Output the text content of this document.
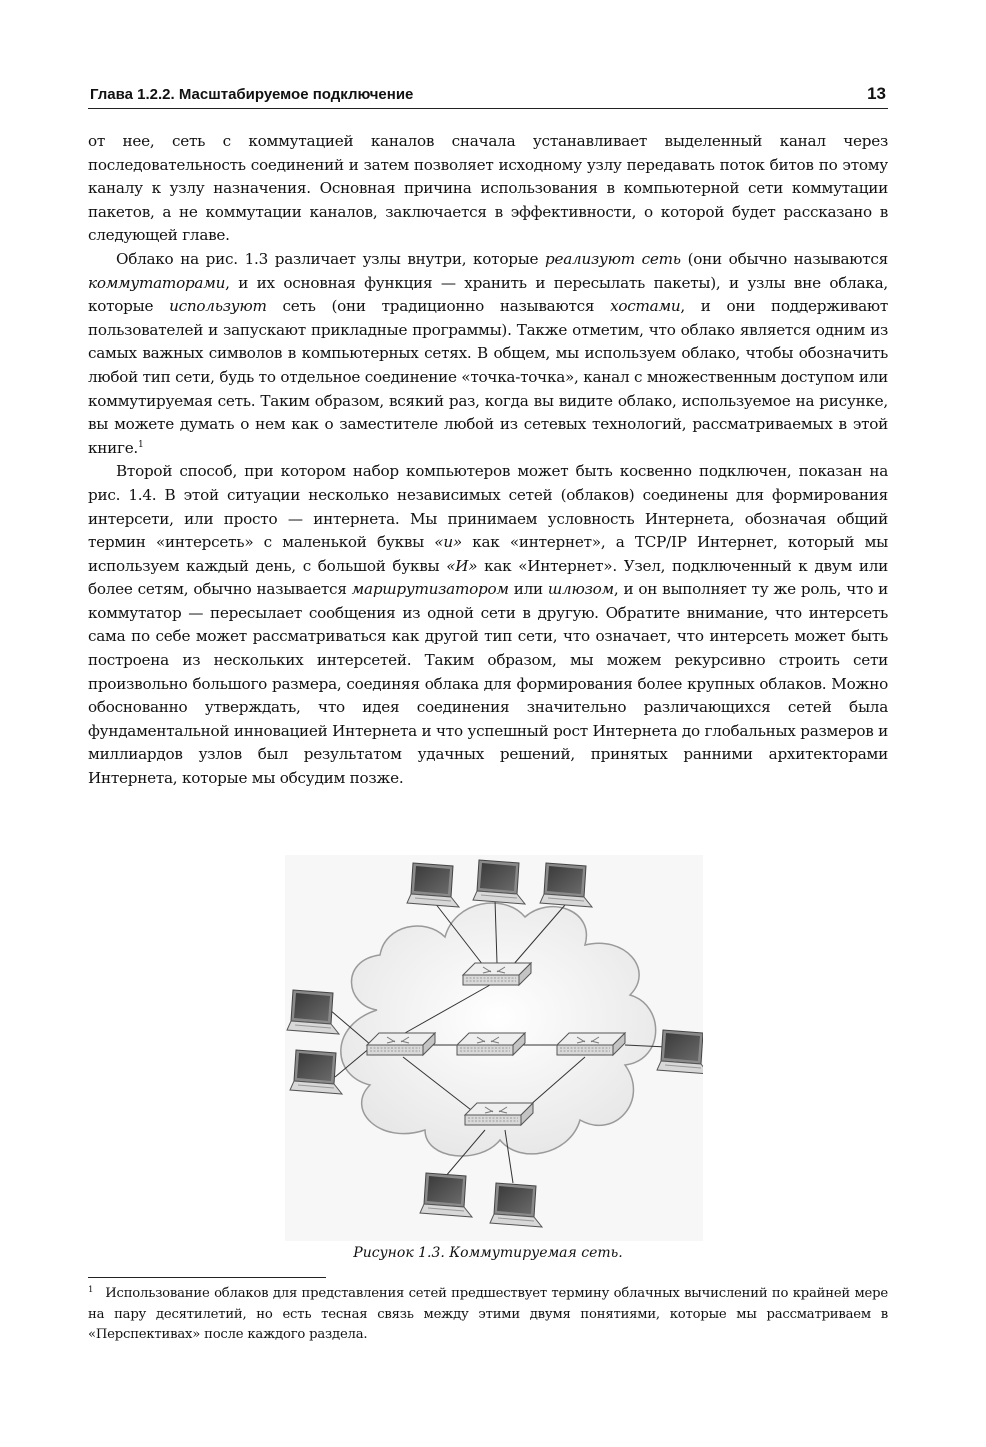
Глава 1.2.2. Масштабируемое подключение	13

от нее, сеть с коммутацией каналов сначала устанавливает выделенный канал через последовательность соединений и затем позволяет исходному узлу передавать поток битов по этому каналу к узлу назначения. Основная причина использования в компьютерной сети коммутации пакетов, а не коммутации каналов, заключается в эффективности, о которой будет рассказано в следующей главе.

Облако на рис. 1.3 различает узлы внутри, которые реализуют сеть (они обычно называются коммутаторами, и их основная функция — хранить и пересылать пакеты), и узлы вне облака, которые используют сеть (они традиционно называются хостами, и они поддерживают пользователей и запускают прикладные программы). Также отметим, что облако является одним из самых важных символов в компьютерных сетях. В общем, мы используем облако, чтобы обозначить любой тип сети, будь то отдельное соединение «точка-точка», канал с множественным доступом или коммутируемая сеть. Таким образом, всякий раз, когда вы видите облако, используемое на рисунке, вы можете думать о нем как о заместителе любой из сетевых технологий, рассматриваемых в этой книге.$^1$

Второй способ, при котором набор компьютеров может быть косвенно подключен, показан на рис. 1.4. В этой ситуации несколько независимых сетей (облаков) соединены для формирования интерсети, или просто — интернета. Мы принимаем условность Интернета, обозначая общий термин «интерсеть» с маленькой буквы «и» как «интернет», а TCP/IP Интернет, который мы используем каждый день, с большой буквы «И» как «Интернет». Узел, подключенный к двум или более сетям, обычно называется маршрутизатором или шлюзом, и он выполняет ту же роль, что и коммутатор — пересылает сообщения из одной сети в другую. Обратите внимание, что интерсеть сама по себе может рассматриваться как другой тип сети, что означает, что интерсеть может быть построена из нескольких интерсетей. Таким образом, мы можем рекурсивно строить сети произвольно большого размера, соединяя облака для формирования более крупных облаков. Можно обоснованно утверждать, что идея соединения значительно различающихся сетей была фундаментальной инновацией Интернета и что успешный рост Интернета до глобальных размеров и миллиардов узлов был результатом удачных решений, принятых ранними архитекторами Интернета, которые мы обсудим позже.

Рисунок 1.3. Коммутируемая сеть.
$^1$ Использование облаков для представления сетей предшествует термину облачных вычислений по крайней мере на пару десятилетий, но есть тесная связь между этими двумя понятиями, которые мы рассматриваем в «Перспективах» после каждого раздела.
